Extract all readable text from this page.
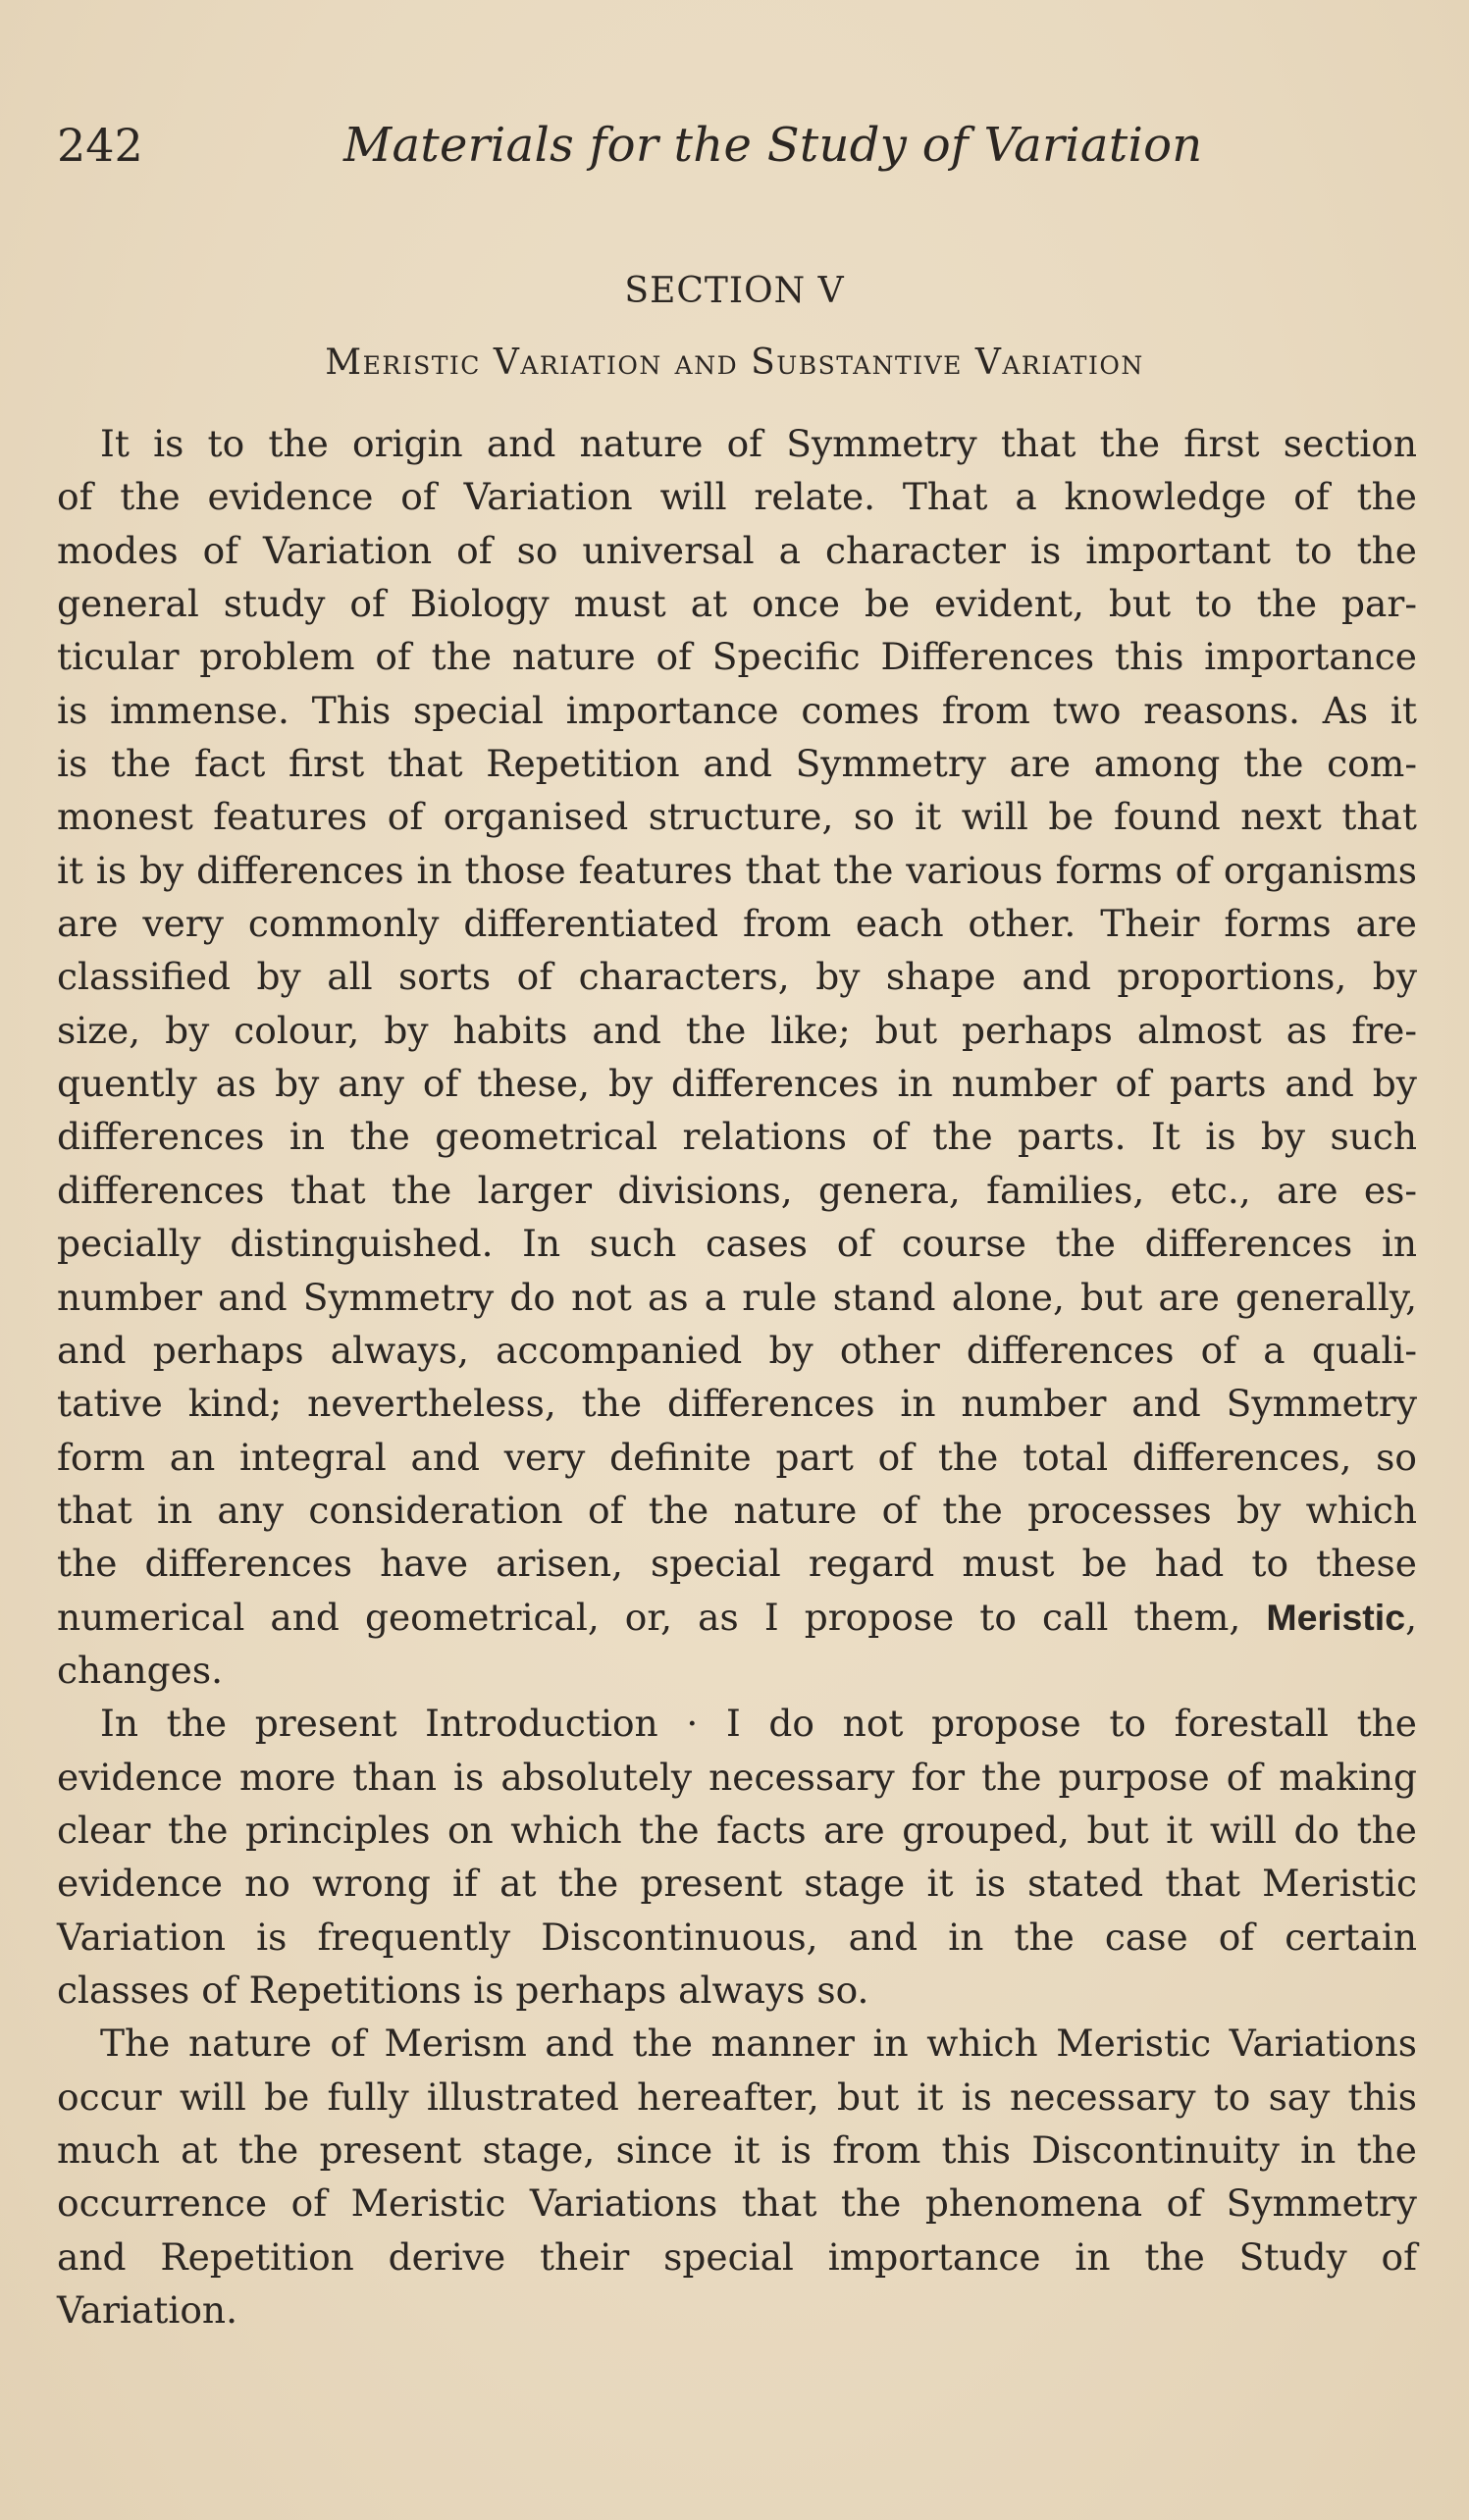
242	Materials for the Study of Variation
SECTION V
Meristic Variation and Substantive Variation
It is to the origin and nature of Symmetry that the first section
of the evidence of Variation will relate. That a knowledge of the
modes of Variation of so universal a character is important to the
general study of Biology must at once be evident, but to the par-
ticular problem of the nature of Specific Differences this importance
is immense. This special importance comes from two reasons. As it
is the fact first that Repetition and Symmetry are among the com-
monest features of organised structure, so it will be found next that
it is by differences in those features that the various forms of organisms
are very commonly differentiated from each other. Their forms are
classified by all sorts of characters, by shape and proportions, by
size, by colour, by habits and the like; but perhaps almost as fre-
quently as by any of these, by differences in number of parts and by
differences in the geometrical relations of the parts. It is by such
differences that the larger divisions, genera, families, etc., are es-
pecially distinguished. In such cases of course the differences in
number and Symmetry do not as a rule stand alone, but are generally,
and perhaps always, accompanied by other differences of a quali-
tative kind; nevertheless, the differences in number and Symmetry
form an integral and very definite part of the total differences, so
that in any consideration of the nature of the processes by which
the differences have arisen, special regard must be had to these
numerical and geometrical, or, as I propose to call them, Meristic,
changes.
In the present Introduction · I do not propose to forestall the
evidence more than is absolutely necessary for the purpose of making
clear the principles on which the facts are grouped, but it will do the
evidence no wrong if at the present stage it is stated that Meristic
Variation is frequently Discontinuous, and in the case of certain
classes of Repetitions is perhaps always so.
The nature of Merism and the manner in which Meristic Variations
occur will be fully illustrated hereafter, but it is necessary to say this
much at the present stage, since it is from this Discontinuity in the
occurrence of Meristic Variations that the phenomena of Symmetry
and Repetition derive their special importance in the Study of
Variation.
